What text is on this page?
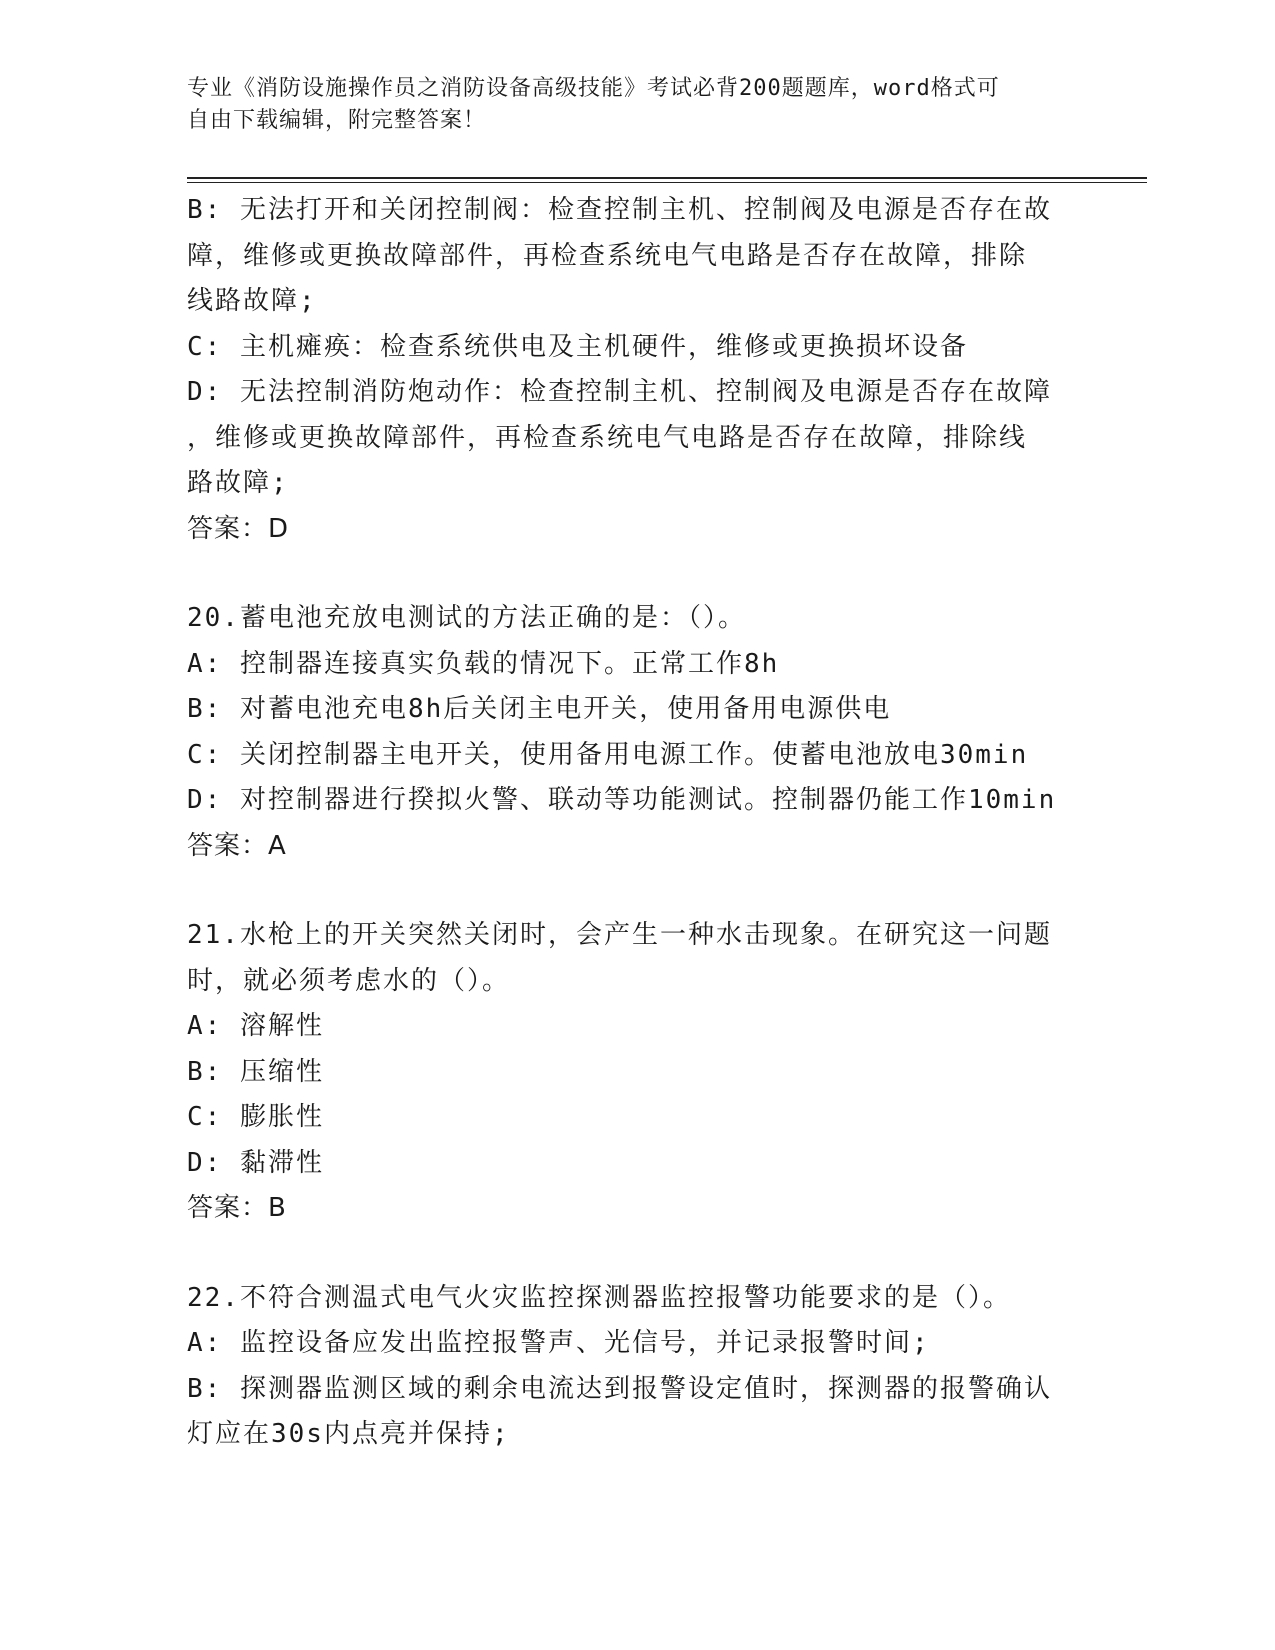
专业《消防设施操作员之消防设备高级技能》考试必背200题题库，word格式可
自由下载编辑，附完整答案！
B: 无法打开和关闭控制阀：检查控制主机、控制阀及电源是否存在故
障，维修或更换故障部件，再检查系统电气电路是否存在故障，排除
线路故障;
C: 主机瘫痪：检查系统供电及主机硬件，维修或更换损坏设备
D: 无法控制消防炮动作：检查控制主机、控制阀及电源是否存在故障
，维修或更换故障部件，再检查系统电气电路是否存在故障，排除线
路故障;
答案：D
20.蓄电池充放电测试的方法正确的是：（）。
A: 控制器连接真实负载的情况下。正常工作8h
B: 对蓄电池充电8h后关闭主电开关，使用备用电源供电
C: 关闭控制器主电开关，使用备用电源工作。使蓄电池放电30min
D: 对控制器进行揆拟火警、联动等功能测试。控制器仍能工作10min
答案：A
21.水枪上的开关突然关闭时，会产生一种水击现象。在研究这一问题
时，就必须考虑水的（）。
A: 溶解性
B: 压缩性
C: 膨胀性
D: 黏滞性
答案：B
22.不符合测温式电气火灾监控探测器监控报警功能要求的是（）。
A: 监控设备应发出监控报警声、光信号，并记录报警时间;
B: 探测器监测区域的剩余电流达到报警设定值时，探测器的报警确认
灯应在30s内点亮并保持;
